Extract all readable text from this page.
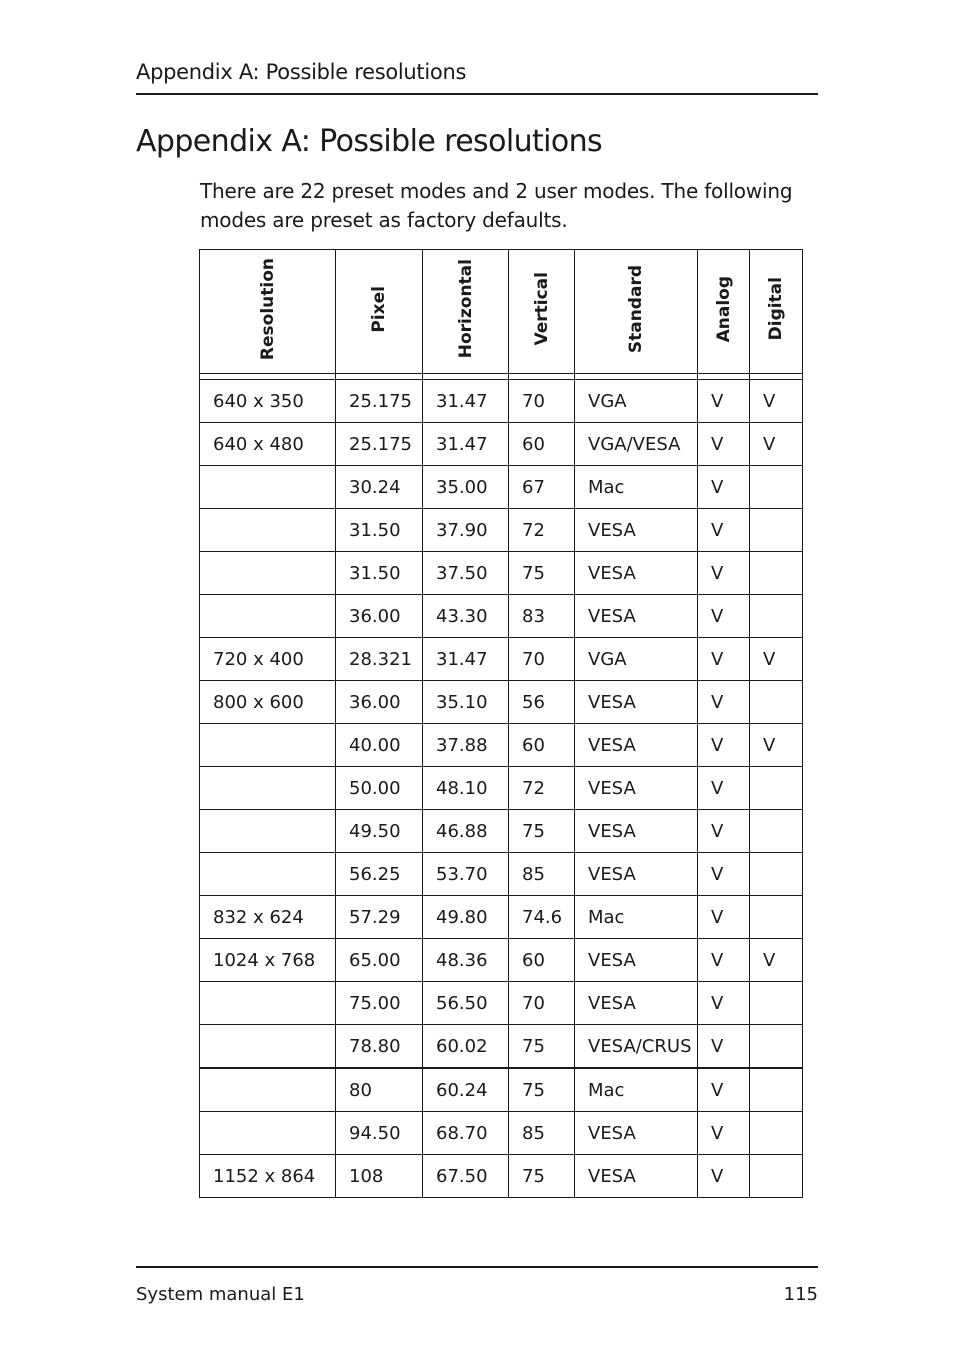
Appendix A: Possible resolutions
Appendix A: Possible resolutions

There are 22 preset modes and 2 user modes. The following modes are preset as factory defaults.

Resolution	Pixel	Horizontal	Vertical	Standard	Analog	Digital

640 x 350	25.175	31.47	70	VGA	V	V
640 x 480	25.175	31.47	60	VGA/VESA	V	V
	30.24	35.00	67	Mac	V	
	31.50	37.90	72	VESA	V	
	31.50	37.50	75	VESA	V	
	36.00	43.30	83	VESA	V	
720 x 400	28.321	31.47	70	VGA	V	V
800 x 600	36.00	35.10	56	VESA	V	
	40.00	37.88	60	VESA	V	V
	50.00	48.10	72	VESA	V	
	49.50	46.88	75	VESA	V	
	56.25	53.70	85	VESA	V	
832 x 624	57.29	49.80	74.6	Mac	V	
1024 x 768	65.00	48.36	60	VESA	V	V
	75.00	56.50	70	VESA	V	
	78.80	60.02	75	VESA/CRUS	V	
	80	60.24	75	Mac	V	
	94.50	68.70	85	VESA	V	
1152 x 864	108	67.50	75	VESA	V	
System manual E1	115
